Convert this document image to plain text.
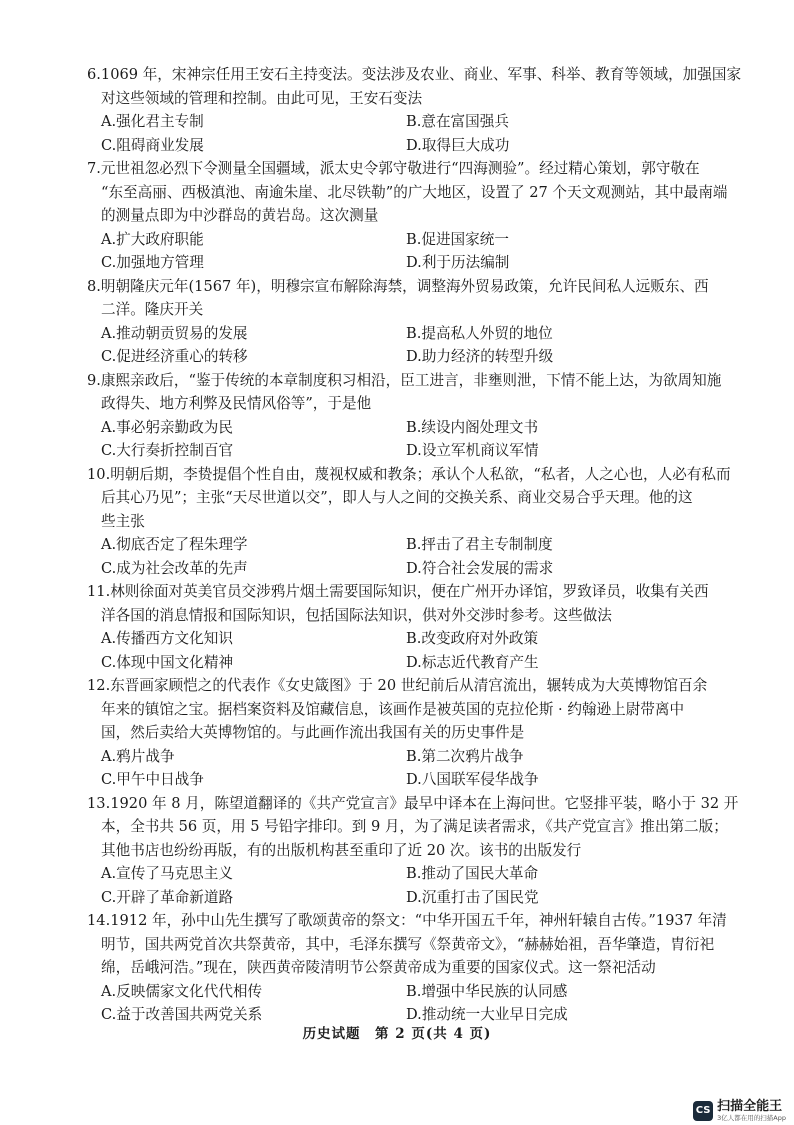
6.1069 年，宋神宗任用王安石主持变法。变法涉及农业、商业、军事、科举、教育等领域，加强国家
对这些领域的管理和控制。由此可见，王安石变法
A.强化君主专制	B.意在富国强兵
C.阻碍商业发展	D.取得巨大成功
7.元世祖忽必烈下令测量全国疆域，派太史令郭守敬进行“四海测验”。经过精心策划，郭守敬在
“东至高丽、西极滇池、南逾朱崖、北尽铁勒”的广大地区，设置了 27 个天文观测站，其中最南端
的测量点即为中沙群岛的黄岩岛。这次测量
A.扩大政府职能	B.促进国家统一
C.加强地方管理	D.利于历法编制
8.明朝隆庆元年(1567 年)，明穆宗宣布解除海禁，调整海外贸易政策，允许民间私人远贩东、西
二洋。隆庆开关
A.推动朝贡贸易的发展	B.提高私人外贸的地位
C.促进经济重心的转移	D.助力经济的转型升级
9.康熙亲政后，“鉴于传统的本章制度积习相沿，臣工进言，非壅则泄，下情不能上达，为欲周知施
政得失、地方利弊及民情风俗等”，于是他
A.事必躬亲勤政为民	B.续设内阁处理文书
C.大行奏折控制百官	D.设立军机商议军情
10.明朝后期，李贽提倡个性自由，蔑视权威和教条；承认个人私欲，“私者，人之心也，人必有私而
后其心乃见”；主张“天尽世道以交”，即人与人之间的交换关系、商业交易合乎天理。他的这
些主张
A.彻底否定了程朱理学	B.抨击了君主专制制度
C.成为社会改革的先声	D.符合社会发展的需求
11.林则徐面对英美官员交涉鸦片烟土需要国际知识，便在广州开办译馆，罗致译员，收集有关西
洋各国的消息情报和国际知识，包括国际法知识，供对外交涉时参考。这些做法
A.传播西方文化知识	B.改变政府对外政策
C.体现中国文化精神	D.标志近代教育产生
12.东晋画家顾恺之的代表作《女史箴图》于 20 世纪前后从清宫流出，辗转成为大英博物馆百余
年来的镇馆之宝。据档案资料及馆藏信息，该画作是被英国的克拉伦斯 · 约翰逊上尉带离中
国，然后卖给大英博物馆的。与此画作流出我国有关的历史事件是
A.鸦片战争	B.第二次鸦片战争
C.甲午中日战争	D.八国联军侵华战争
13.1920 年 8 月，陈望道翻译的《共产党宣言》最早中译本在上海问世。它竖排平装，略小于 32 开
本，全书共 56 页，用 5 号铅字排印。到 9 月，为了满足读者需求，《共产党宣言》推出第二版；
其他书店也纷纷再版，有的出版机构甚至重印了近 20 次。该书的出版发行
A.宣传了马克思主义	B.推动了国民大革命
C.开辟了革命新道路	D.沉重打击了国民党
14.1912 年，孙中山先生撰写了歌颂黄帝的祭文：“中华开国五千年，神州轩辕自古传。”1937 年清
明节，国共两党首次共祭黄帝，其中，毛泽东撰写《祭黄帝文》，“赫赫始祖，吾华肇造，胄衍祀
绵，岳峨河浩。”现在，陕西黄帝陵清明节公祭黄帝成为重要的国家仪式。这一祭祀活动
A.反映儒家文化代代相传	B.增强中华民族的认同感
C.益于改善国共两党关系	D.推动统一大业早日完成
历史试题　第 2 页(共 4 页)
CS 扫描全能王
3亿人都在用的扫描App
